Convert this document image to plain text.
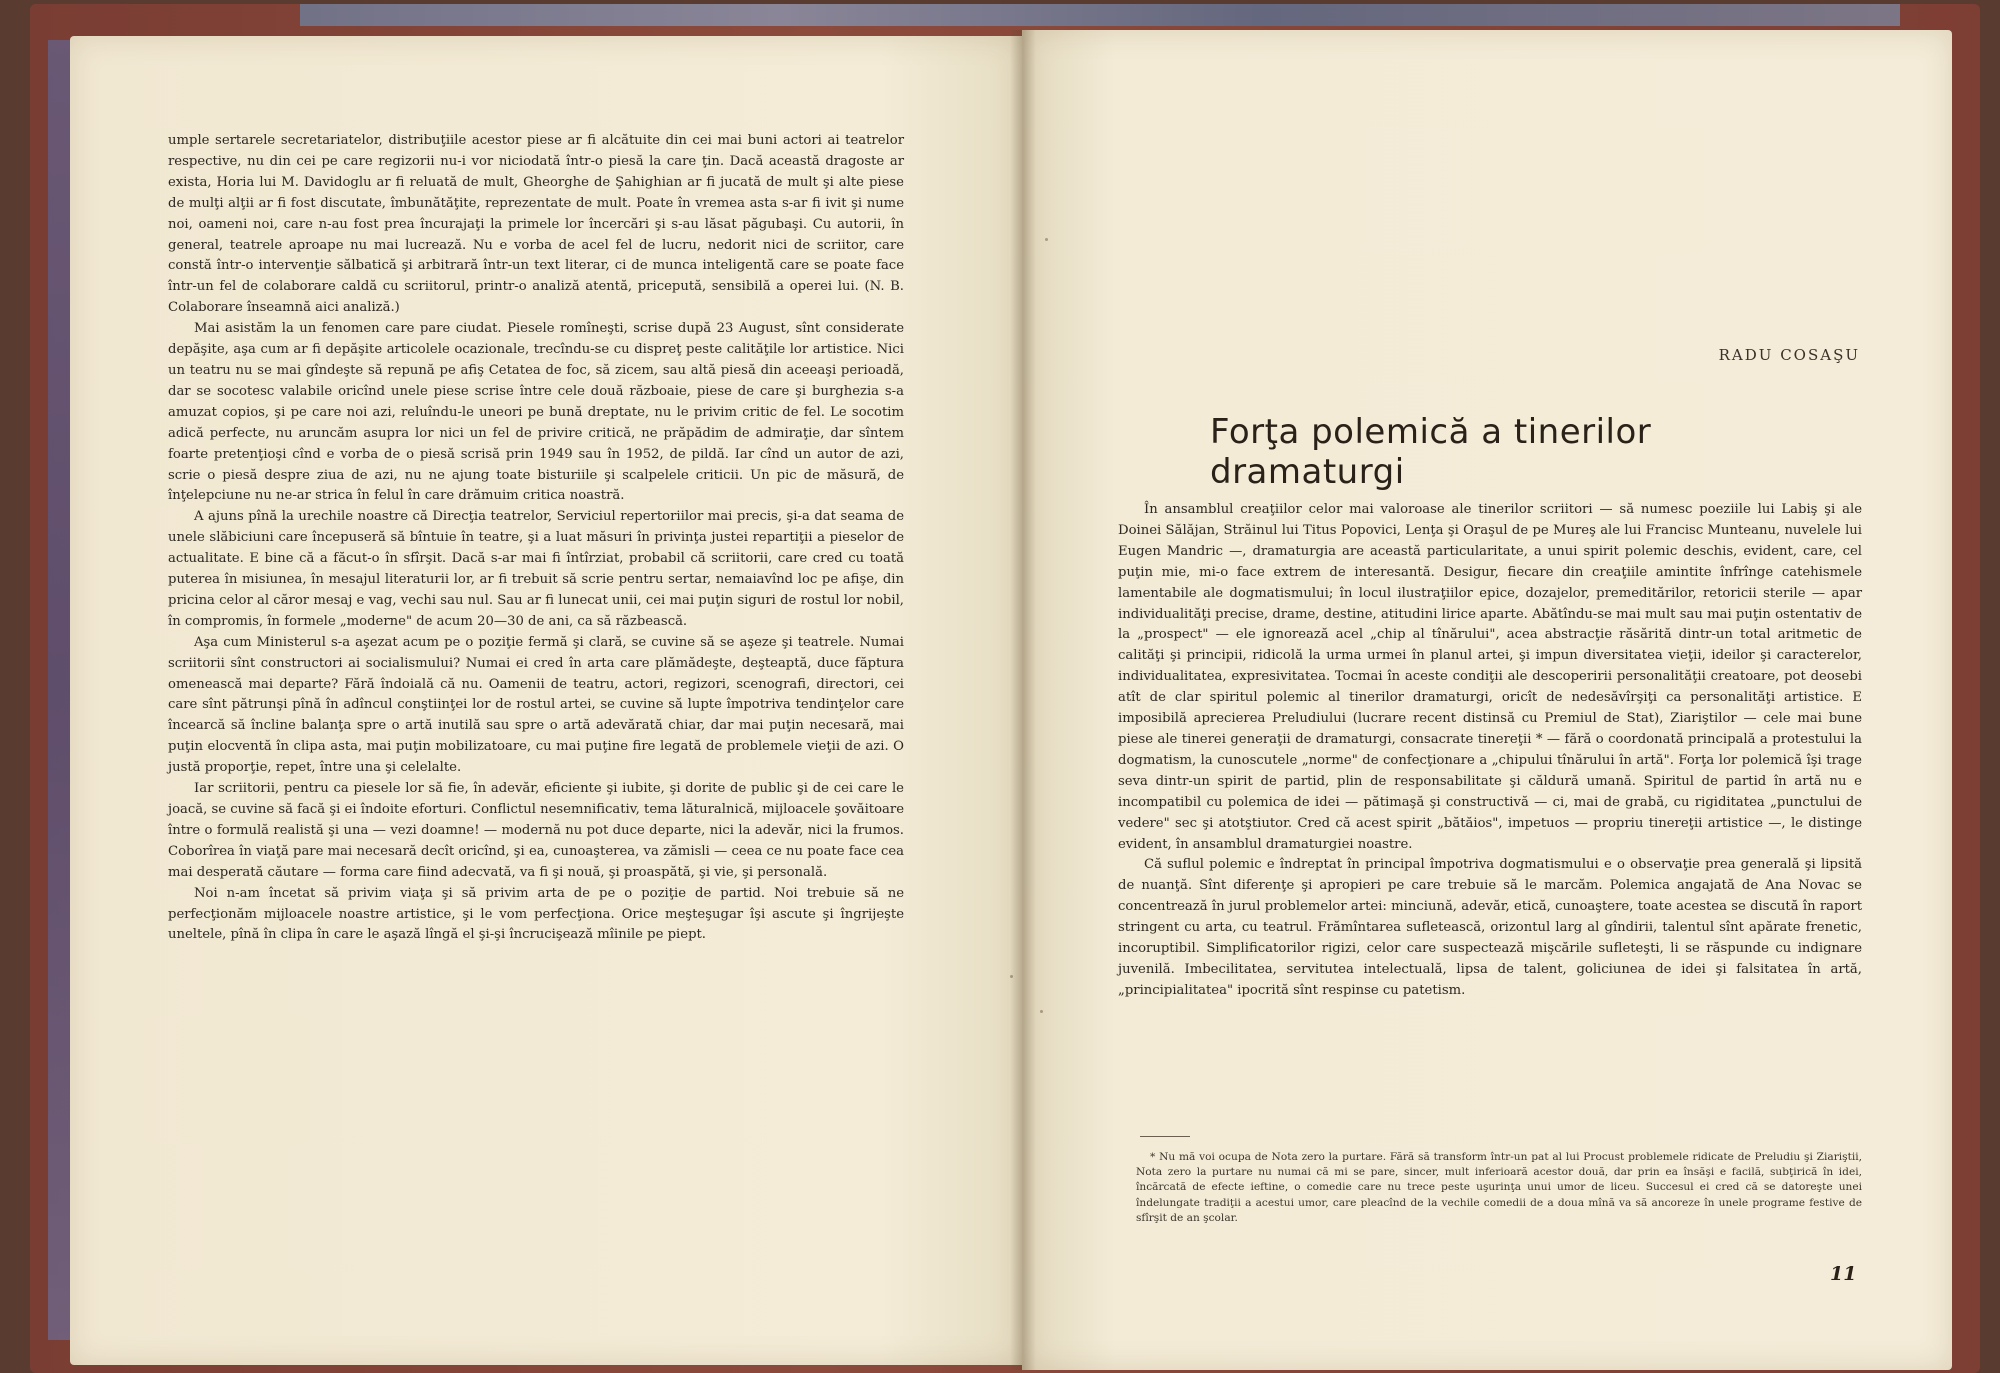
umple sertarele secretariatelor, distribuţiile acestor piese ar fi alcătuite din cei mai buni actori ai teatrelor respective, nu din cei pe care regizorii nu-i vor niciodată într-o piesă la care ţin. Dacă această dragoste ar exista, Horia lui M. Davidoglu ar fi reluată de mult, Gheorghe de Şahighian ar fi jucată de mult şi alte piese de mulţi alţii ar fi fost discutate, îmbunătăţite, reprezentate de mult. Poate în vremea asta s-ar fi ivit şi nume noi, oameni noi, care n-au fost prea încurajaţi la primele lor încercări şi s-au lăsat păgubaşi. Cu autorii, în general, teatrele aproape nu mai lucrează. Nu e vorba de acel fel de lucru, nedorit nici de scriitor, care constă într-o intervenţie sălbatică şi arbitrară într-un text literar, ci de munca inteligentă care se poate face într-un fel de colaborare caldă cu scriitorul, printr-o analiză atentă, pricepută, sensibilă a operei lui. (N. B. Colaborare înseamnă aici analiză.)

Mai asistăm la un fenomen care pare ciudat. Piesele romîneşti, scrise după 23 August, sînt considerate depăşite, aşa cum ar fi depăşite articolele ocazionale, trecîndu-se cu dispreţ peste calităţile lor artistice. Nici un teatru nu se mai gîndeşte să repună pe afiş Cetatea de foc, să zicem, sau altă piesă din aceeaşi perioadă, dar se socotesc valabile oricînd unele piese scrise între cele două războaie, piese de care şi burghezia s-a amuzat copios, şi pe care noi azi, reluîndu-le uneori pe bună dreptate, nu le privim critic de fel. Le socotim adică perfecte, nu aruncăm asupra lor nici un fel de privire critică, ne prăpădim de admiraţie, dar sîntem foarte pretenţioşi cînd e vorba de o piesă scrisă prin 1949 sau în 1952, de pildă. Iar cînd un autor de azi, scrie o piesă despre ziua de azi, nu ne ajung toate bisturiile şi scalpelele criticii. Un pic de măsură, de înţelepciune nu ne-ar strica în felul în care drămuim critica noastră.

A ajuns pînă la urechile noastre că Direcţia teatrelor, Serviciul repertoriilor mai precis, şi-a dat seama de unele slăbiciuni care începuseră să bîntuie în teatre, şi a luat măsuri în privinţa justei repartiţii a pieselor de actualitate. E bine că a făcut-o în sfîrşit. Dacă s-ar mai fi întîrziat, probabil că scriitorii, care cred cu toată puterea în misiunea, în mesajul literaturii lor, ar fi trebuit să scrie pentru sertar, nemaiavînd loc pe afişe, din pricina celor al căror mesaj e vag, vechi sau nul. Sau ar fi lunecat unii, cei mai puţin siguri de rostul lor nobil, în compromis, în formele „moderne" de acum 20—30 de ani, ca să răzbească.

Aşa cum Ministerul s-a aşezat acum pe o poziţie fermă şi clară, se cuvine să se aşeze şi teatrele. Numai scriitorii sînt constructori ai socialismului? Numai ei cred în arta care plămădeşte, deşteaptă, duce făptura omenească mai departe? Fără îndoială că nu. Oamenii de teatru, actori, regizori, scenografi, directori, cei care sînt pătrunşi pînă în adîncul conştiinţei lor de rostul artei, se cuvine să lupte împotriva tendinţelor care încearcă să încline balanţa spre o artă inutilă sau spre o artă adevărată chiar, dar mai puţin necesară, mai puţin elocventă în clipa asta, mai puţin mobilizatoare, cu mai puţine fire legată de problemele vieţii de azi. O justă proporţie, repet, între una şi celelalte.

Iar scriitorii, pentru ca piesele lor să fie, în adevăr, eficiente şi iubite, şi dorite de public şi de cei care le joacă, se cuvine să facă şi ei îndoite eforturi. Conflictul nesemnificativ, tema lăturalnică, mijloacele şovăitoare între o formulă realistă şi una — vezi doamne! — modernă nu pot duce departe, nici la adevăr, nici la frumos. Coborîrea în viaţă pare mai necesară decît oricînd, şi ea, cunoaşterea, va zămisli — ceea ce nu poate face cea mai desperată căutare — forma care fiind adecvată, va fi şi nouă, şi proaspătă, şi vie, şi personală.

Noi n-am încetat să privim viaţa şi să privim arta de pe o poziţie de partid. Noi trebuie să ne perfecţionăm mijloacele noastre artistice, şi le vom perfecţiona. Orice meşteşugar îşi ascute şi îngrijeşte uneltele, pînă în clipa în care le aşază lîngă el şi-şi încrucişează mîinile pe piept.

RADU COSAŞU
Forţa polemică a tinerilor dramaturgi

În ansamblul creaţiilor celor mai valoroase ale tinerilor scriitori — să numesc poeziile lui Labiş şi ale Doinei Sălăjan, Străinul lui Titus Popovici, Lenţa şi Oraşul de pe Mureş ale lui Francisc Munteanu, nuvelele lui Eugen Mandric —, dramaturgia are această particularitate, a unui spirit polemic deschis, evident, care, cel puţin mie, mi-o face extrem de interesantă. Desigur, fiecare din creaţiile amintite înfrînge catehismele lamentabile ale dogmatismului; în locul ilustraţiilor epice, dozajelor, premeditărilor, retoricii sterile — apar individualităţi precise, drame, destine, atitudini lirice aparte. Abătîndu-se mai mult sau mai puţin ostentativ de la „prospect" — ele ignorează acel „chip al tînărului", acea abstracţie răsărită dintr-un total aritmetic de calităţi şi principii, ridicolă la urma urmei în planul artei, şi impun diversitatea vieţii, ideilor şi caracterelor, individualitatea, expresivitatea. Tocmai în aceste condiţii ale descoperirii personalităţii creatoare, pot deosebi atît de clar spiritul polemic al tinerilor dramaturgi, oricît de nedesăvîrşiţi ca personalităţi artistice. E imposibilă aprecierea Preludiului (lucrare recent distinsă cu Premiul de Stat), Ziariştilor — cele mai bune piese ale tinerei generaţii de dramaturgi, consacrate tinereţii * — fără o coordonată principală a protestului la dogmatism, la cunoscutele „norme" de confecţionare a „chipului tînărului în artă". Forţa lor polemică îşi trage seva dintr-un spirit de partid, plin de responsabilitate şi căldură umană. Spiritul de partid în artă nu e incompatibil cu polemica de idei — pătimaşă şi constructivă — ci, mai de grabă, cu rigiditatea „punctului de vedere" sec şi atotştiutor. Cred că acest spirit „bătăios", impetuos — propriu tinereţii artistice —, le distinge evident, în ansamblul dramaturgiei noastre.

Că suflul polemic e îndreptat în principal împotriva dogmatismului e o observaţie prea generală şi lipsită de nuanţă. Sînt diferenţe şi apropieri pe care trebuie să le marcăm. Polemica angajată de Ana Novac se concentrează în jurul problemelor artei: minciună, adevăr, etică, cunoaştere, toate acestea se discută în raport stringent cu arta, cu teatrul. Frămîntarea sufletească, orizontul larg al gîndirii, talentul sînt apărate frenetic, incoruptibil. Simplificatorilor rigizi, celor care suspectează mişcările sufleteşti, li se răspunde cu indignare juvenilă. Imbecilitatea, servitutea intelectuală, lipsa de talent, goliciunea de idei şi falsitatea în artă, „principialitatea" ipocrită sînt respinse cu patetism.

* Nu mă voi ocupa de Nota zero la purtare. Fără să transform într-un pat al lui Procust problemele ridicate de Preludiu şi Ziariştii, Nota zero la purtare nu numai că mi se pare, sincer, mult inferioară acestor două, dar prin ea însăşi e facilă, subţirică în idei, încărcată de efecte ieftine, o comedie care nu trece peste uşurinţa unui umor de liceu. Succesul ei cred că se datoreşte unei îndelungate tradiţii a acestui umor, care pleacînd de la vechile comedii de a doua mînă va să ancoreze în unele programe festive de sfîrşit de an şcolar.

11
